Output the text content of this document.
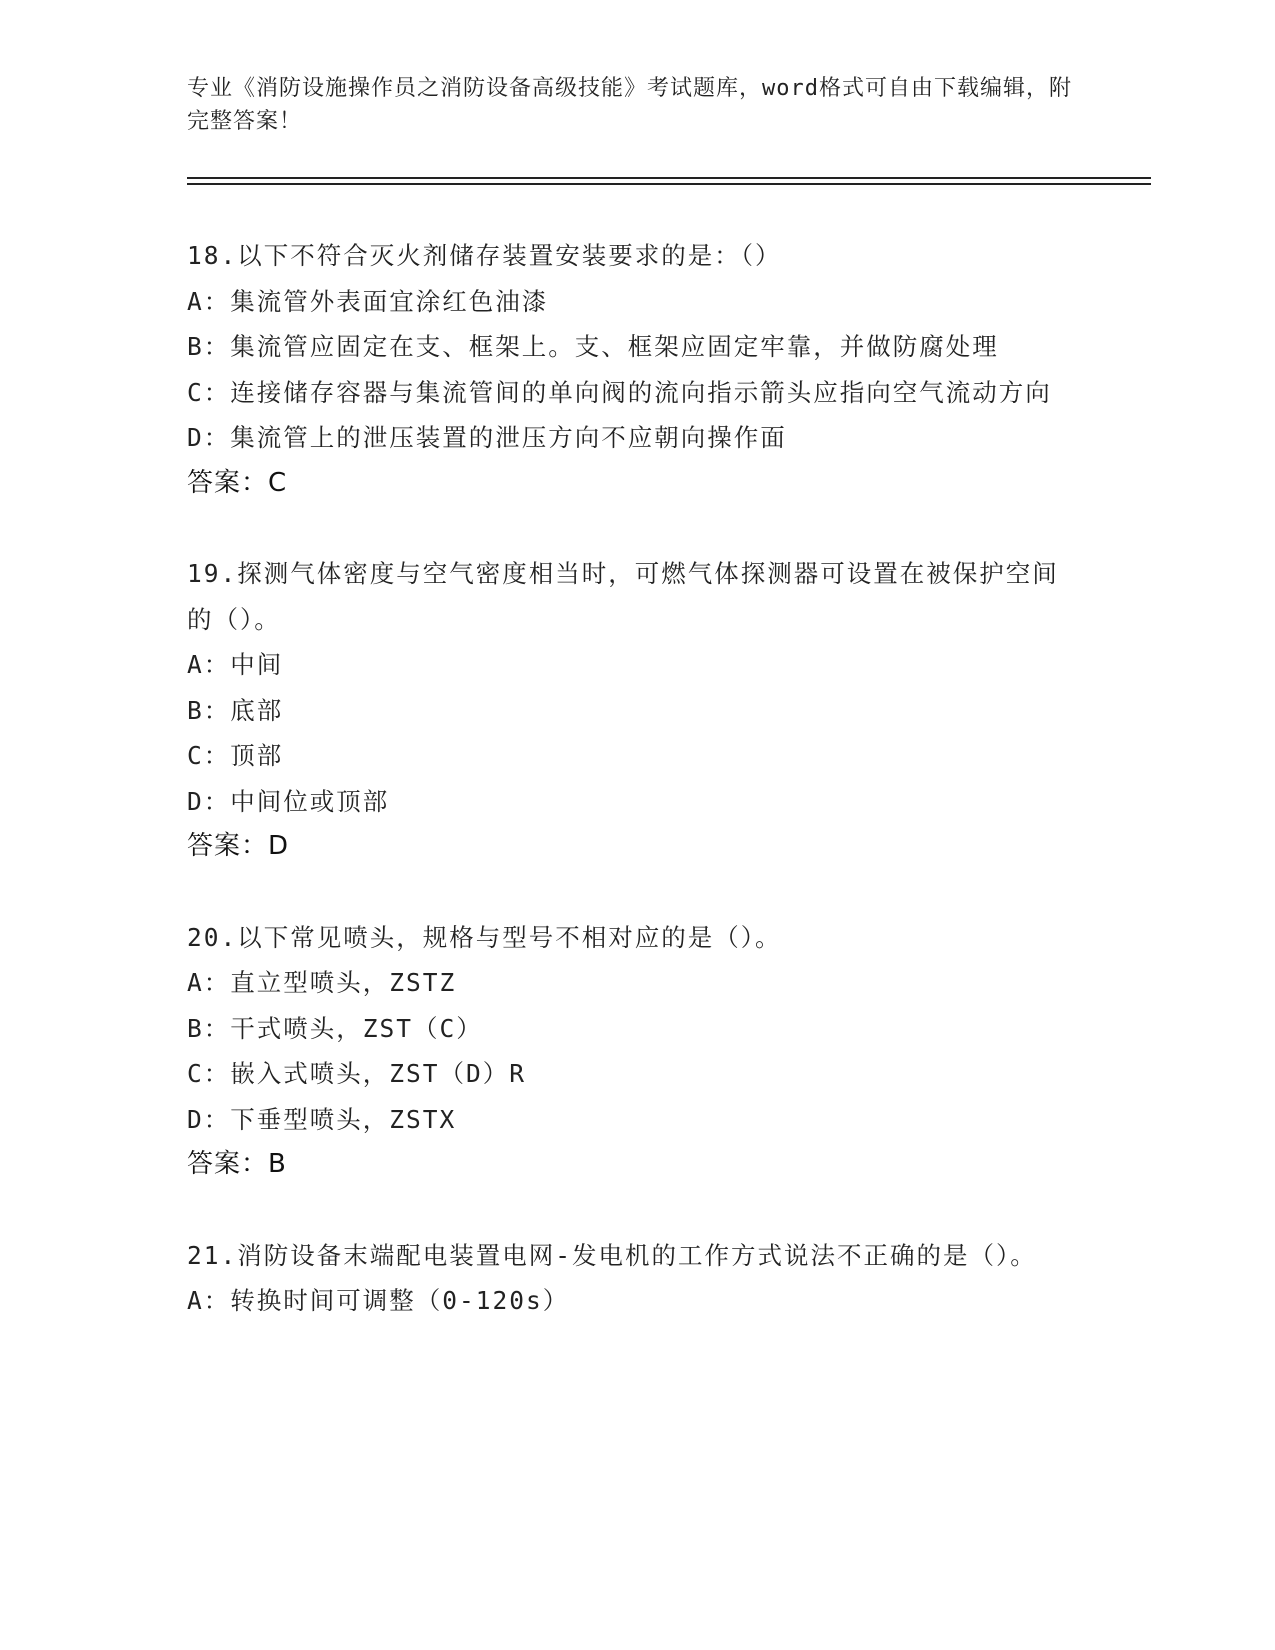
专业《消防设施操作员之消防设备高级技能》考试题库，word格式可自由下载编辑，附完整答案！
18.以下不符合灭火剂储存装置安装要求的是：（）
A：集流管外表面宜涂红色油漆
B：集流管应固定在支、框架上。支、框架应固定牢靠，并做防腐处理
C：连接储存容器与集流管间的单向阀的流向指示箭头应指向空气流动方向
D：集流管上的泄压装置的泄压方向不应朝向操作面
答案：C
19.探测气体密度与空气密度相当时，可燃气体探测器可设置在被保护空间的（）。
A：中间
B：底部
C：顶部
D：中间位或顶部
答案：D
20.以下常见喷头，规格与型号不相对应的是（）。
A：直立型喷头，ZSTZ
B：干式喷头，ZST（C）
C：嵌入式喷头，ZST（D）R
D：下垂型喷头，ZSTX
答案：B
21.消防设备末端配电装置电网-发电机的工作方式说法不正确的是（）。
A：转换时间可调整（0-120s）
